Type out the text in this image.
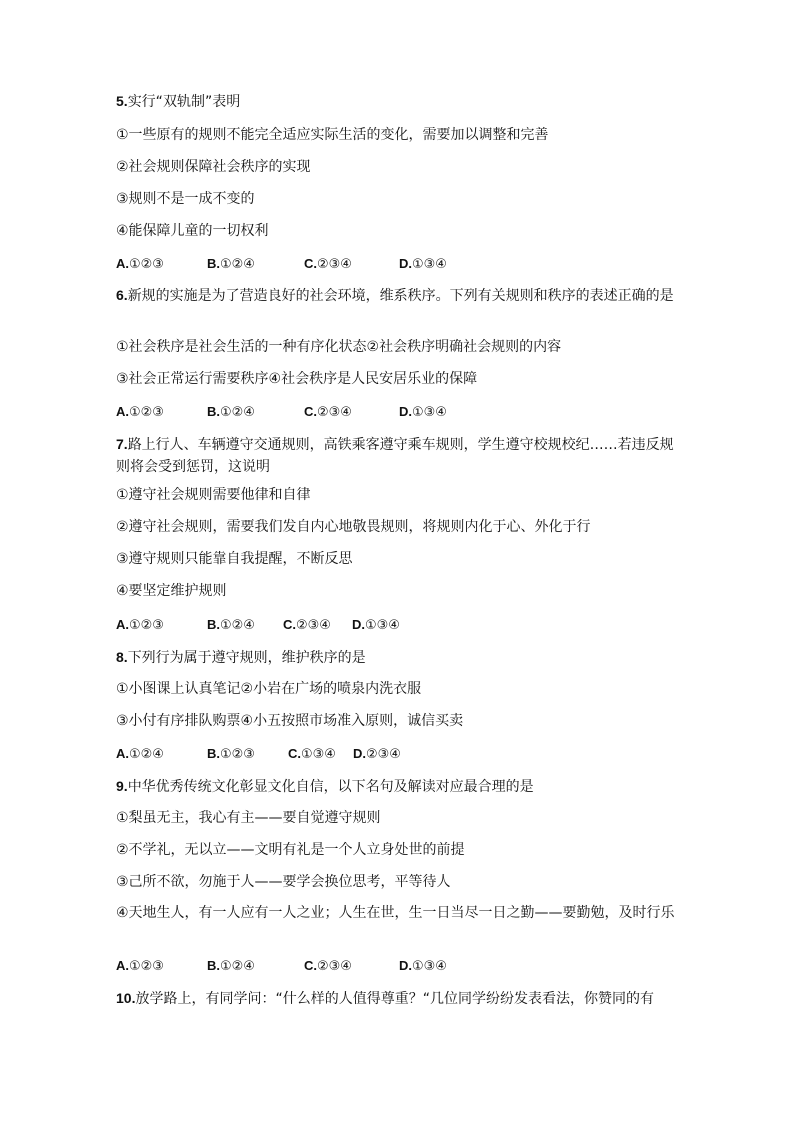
5.实行“双轨制”表明

①一些原有的规则不能完全适应实际生活的变化，需要加以调整和完善

②社会规则保障社会秩序的实现

③规则不是一成不变的

④能保障儿童的一切权利

A.①②③	B.①②④	C.②③④	D.①③④

6.新规的实施是为了营造良好的社会环境，维系秩序。下列有关规则和秩序的表述正确的是

①社会秩序是社会生活的一种有序化状态②社会秩序明确社会规则的内容

③社会正常运行需要秩序④社会秩序是人民安居乐业的保障

A.①②③	B.①②④	C.②③④	D.①③④

7.路上行人、车辆遵守交通规则，高铁乘客遵守乘车规则，学生遵守校规校纪……若违反规则将会受到惩罚，这说明

①遵守社会规则需要他律和自律

②遵守社会规则，需要我们发自内心地敬畏规则，将规则内化于心、外化于行

③遵守规则只能靠自我提醒，不断反思

④要坚定维护规则

A.①②③	B.①②④ C.②③④ D.①③④

8.下列行为属于遵守规则，维护秩序的是

①小图课上认真笔记②小岩在广场的喷泉内洗衣服

③小付有序排队购票④小五按照市场准入原则，诚信买卖

A.①②④	B.①②③	C.①③④ D.②③④

9.中华优秀传统文化彰显文化自信，以下名句及解读对应最合理的是

①梨虽无主，我心有主——要自觉遵守规则

②不学礼，无以立——文明有礼是一个人立身处世的前提

③己所不欲，勿施于人——要学会换位思考，平等待人

④天地生人，有一人应有一人之业；人生在世，生一日当尽一日之勤——要勤勉，及时行乐

A.①②③	B.①②④	C.②③④	D.①③④

10.放学路上，有同学问：“什么样的人值得尊重？“几位同学纷纷发表看法，你赞同的有
